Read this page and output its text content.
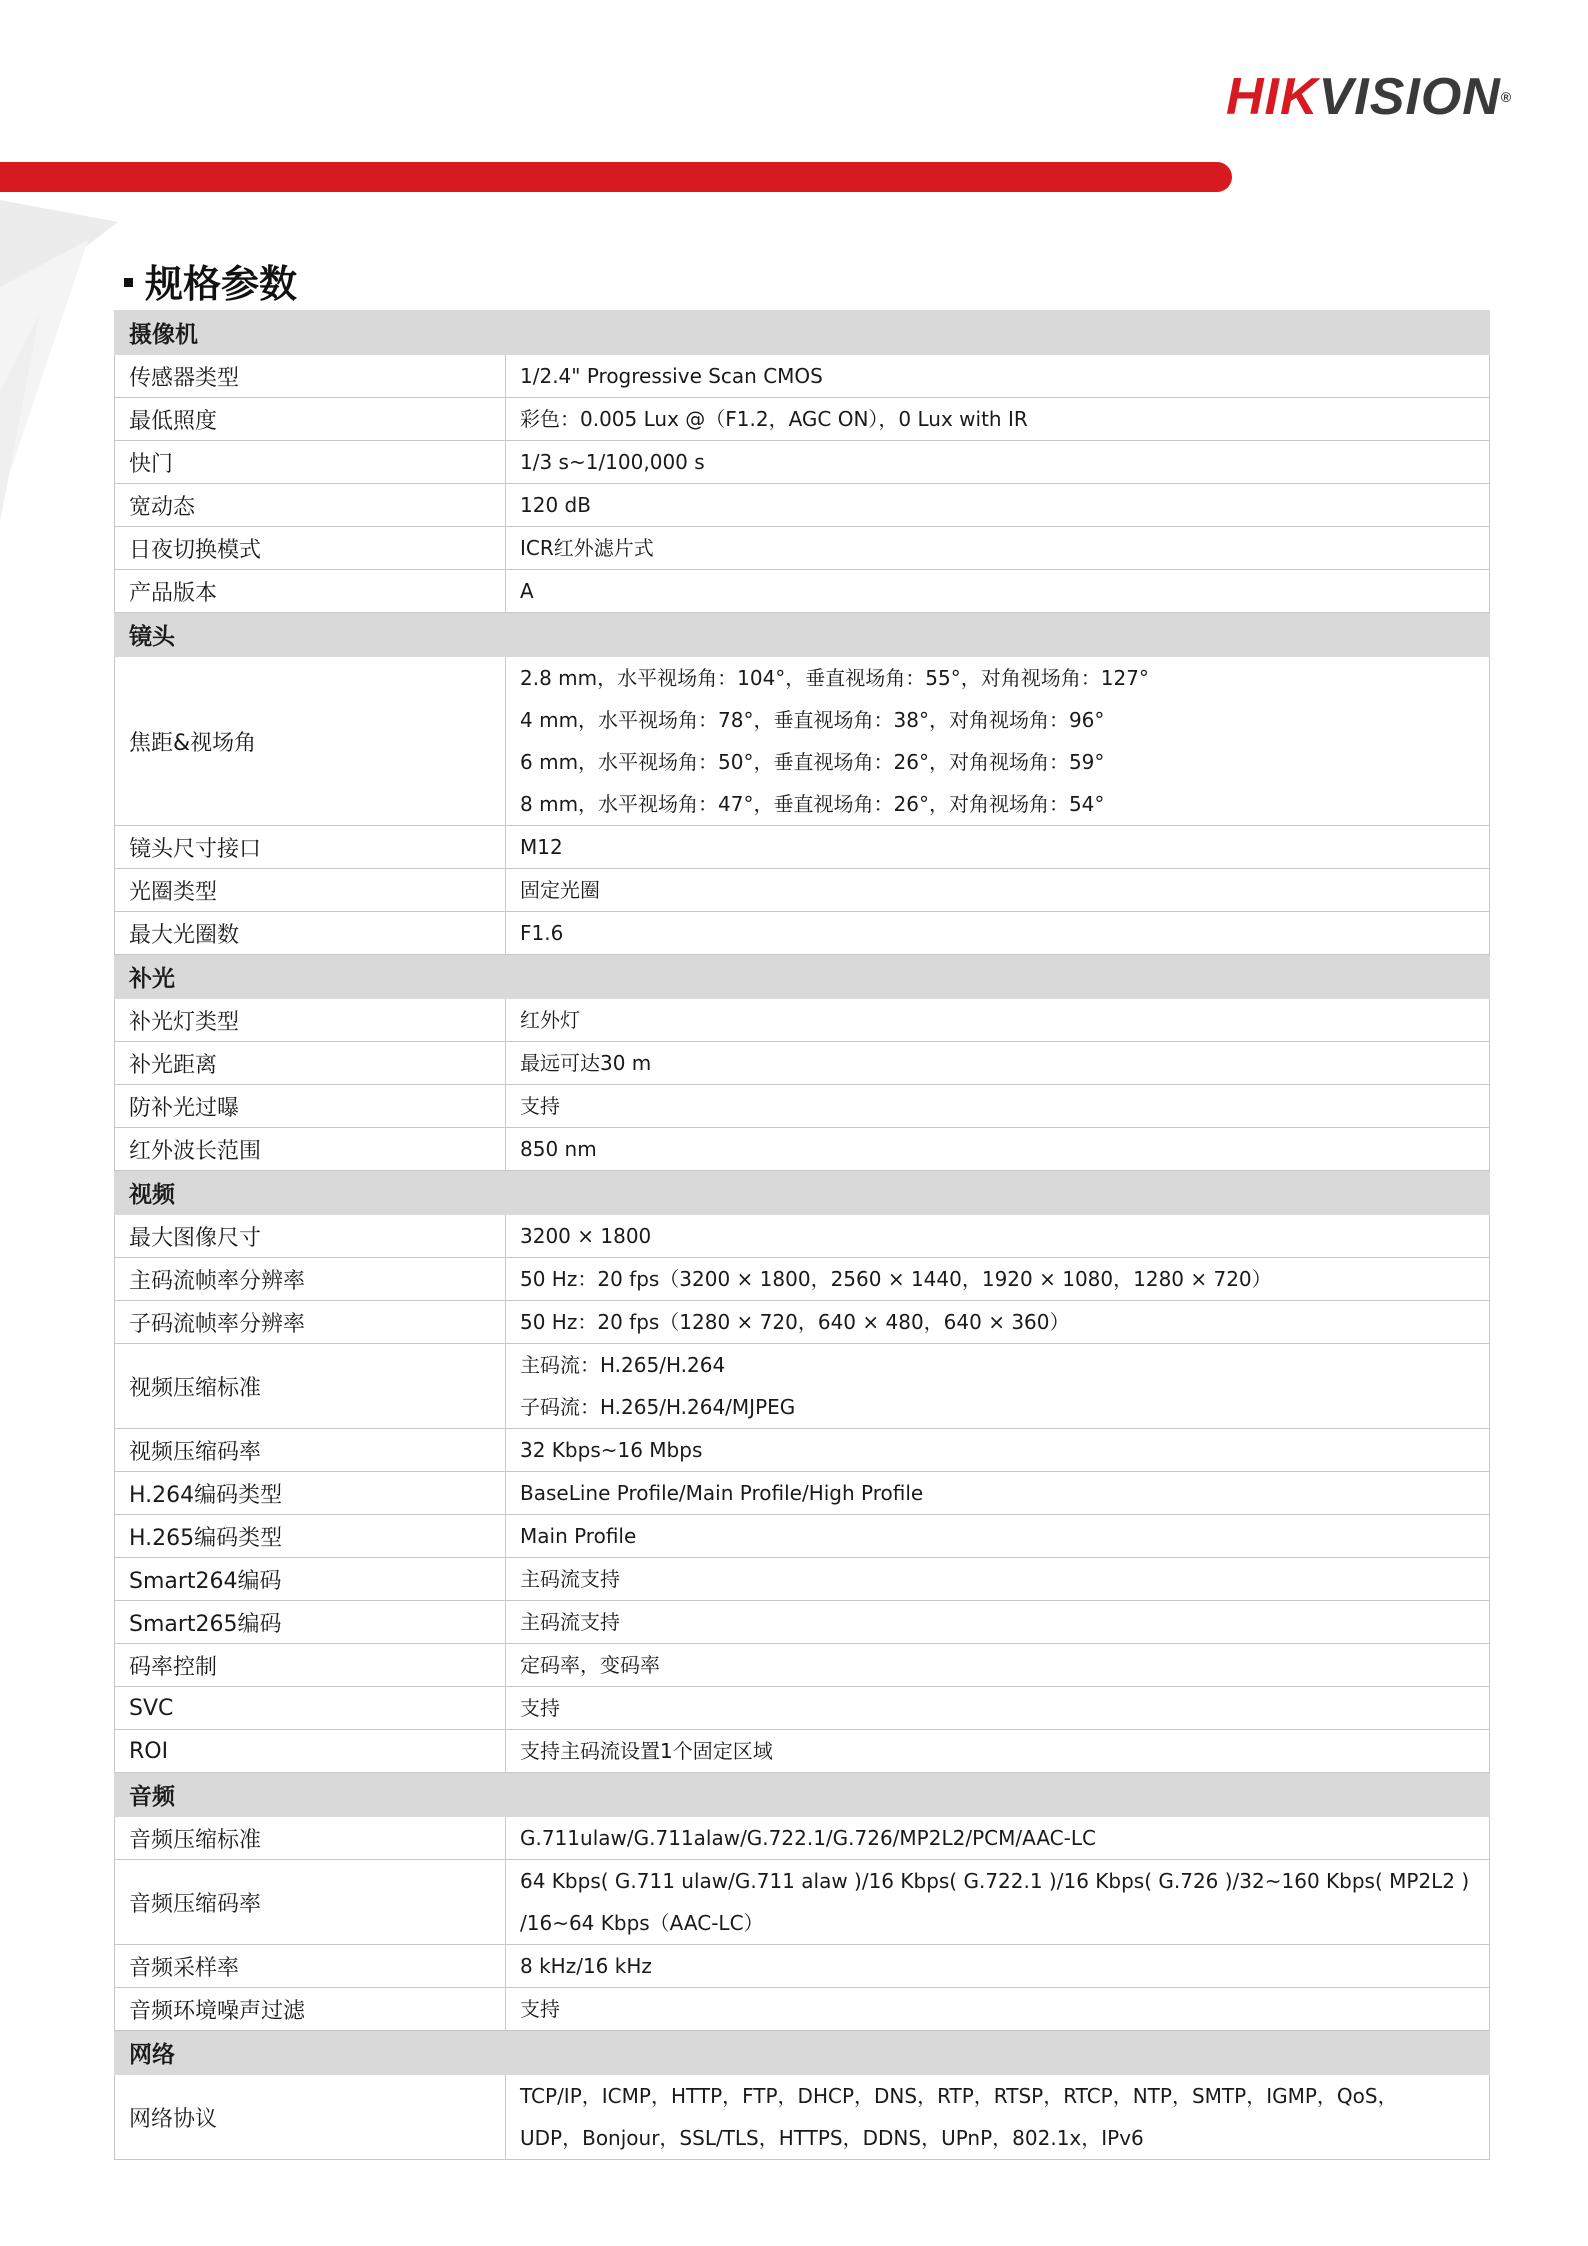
HIKVISION®
规格参数
摄像机	
传感器类型	1/2.4" Progressive Scan CMOS

最低照度	彩色：0.005 Lux @（F1.2，AGC ON），0 Lux with IR

快门	1/3 s~1/100,000 s

宽动态	120 dB

日夜切换模式	ICR红外滤片式

产品版本	A

镜头	
焦距&视场角	2.8 mm，水平视场角：104°，垂直视场角：55°，对角视场角：127°
4 mm，水平视场角：78°，垂直视场角：38°，对角视场角：96°
6 mm，水平视场角：50°，垂直视场角：26°，对角视场角：59°
8 mm，水平视场角：47°，垂直视场角：26°，对角视场角：54°

镜头尺寸接口	M12

光圈类型	固定光圈

最大光圈数	F1.6

补光	
补光灯类型	红外灯

补光距离	最远可达30 m

防补光过曝	支持

红外波长范围	850 nm

视频	
最大图像尺寸	3200 × 1800

主码流帧率分辨率	50 Hz：20 fps（3200 × 1800，2560 × 1440，1920 × 1080，1280 × 720）

子码流帧率分辨率	50 Hz：20 fps（1280 × 720，640 × 480，640 × 360）

视频压缩标准	主码流：H.265/H.264
子码流：H.265/H.264/MJPEG

视频压缩码率	32 Kbps~16 Mbps

H.264编码类型	BaseLine Profile/Main Profile/High Profile

H.265编码类型	Main Profile

Smart264编码	主码流支持

Smart265编码	主码流支持

码率控制	定码率，变码率

SVC	支持

ROI	支持主码流设置1个固定区域

音频	
音频压缩标准	G.711ulaw/G.711alaw/G.722.1/G.726/MP2L2/PCM/AAC-LC

音频压缩码率	64 Kbps( G.711 ulaw/G.711 alaw )/16 Kbps( G.722.1 )/16 Kbps( G.726 )/32~160 Kbps( MP2L2 )
/16~64 Kbps（AAC-LC）

音频采样率	8 kHz/16 kHz

音频环境噪声过滤	支持

网络	
网络协议	TCP/IP，ICMP，HTTP，FTP，DHCP，DNS，RTP，RTSP，RTCP，NTP，SMTP，IGMP，QoS，
UDP，Bonjour，SSL/TLS，HTTPS，DDNS，UPnP，802.1x，IPv6
